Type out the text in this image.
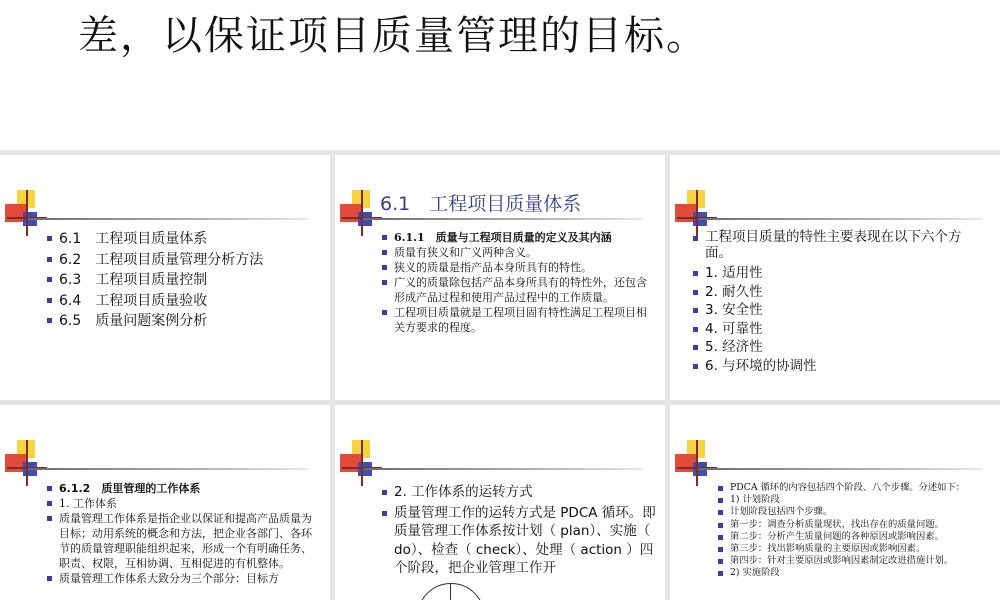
差，以保证项目质量管理的目标。
6.1　工程项目质量体系
6.2　工程项目质量管理分析方法
6.3　工程项目质量控制
6.4　工程项目质量验收
6.5　质量问题案例分析
6.1　工程项目质量体系
6.1.1　质量与工程项目质量的定义及其内涵
质量有狭义和广义两种含义。
狭义的质量是指产品本身所具有的特性。
广义的质量除包括产品本身所具有的特性外，还包含形成产品过程和使用产品过程中的工作质量。
工程项目质量就是工程项目固有特性满足工程项目相关方要求的程度。
工程项目质量的特性主要表现在以下六个方面。
1. 适用性
2. 耐久性
3. 安全性
4. 可靠性
5. 经济性
6. 与环境的协调性
6.1.2　质里管理的工作体系
1. 工作体系
质量管理工作体系是指企业以保证和提高产品质量为目标；动用系统的概念和方法，把企业各部门、各环节的质量管理职能组织起来，形成一个有明确任务、职责、权限，互相协调、互相促进的有机整体。
质量管理工作体系大致分为三个部分：目标方
2. 工作体系的运转方式
质量管理工作的运转方式是 PDCA 循环。即质量管理工作体系按计划（ plan）、实施（ do）、检查（ check）、处理（ action ）四个阶段，把企业管理工作开
PDCA 循环的内容包括四个阶段、八个步骤。分述如下：
1) 计划阶段
计划阶段包括四个步骤。
第一步：调查分析质量现状，找出存在的质量问题。
第二步：分析产生质量问题的各种原因或影响因素。
第三步：找出影响质量的主要原因或影响因素。
第四步：针对主要原因或影响因素制定改进措施计划。
2) 实施阶段
